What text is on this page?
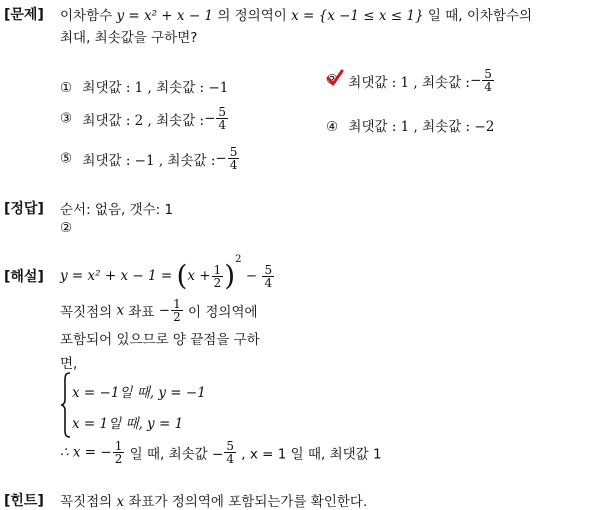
[문제] 이차함수 y = x² + x − 1 의 정의역이 x = {x −1 ≤ x ≤ 1} 일 때, 이차함수의
최대, 최솟값을 구하면?
① 최댓값 : 1 , 최솟값 : −1
② 최댓값 : 1 , 최솟값 :− $\frac{5}{4}$
③ 최댓값 : 2 , 최솟값 :− $\frac{5}{4}$	④ 최댓값 : 1 , 최솟값 : −2
⑤ 최댓값 : −1 , 최솟값 :− $\frac{5}{4}$
[정답] 순서: 없음, 갯수: 1
②
[해설] $y = x^2 + x - 1 = (x + \frac{1}{2} )^2 - \frac{5}{4}$
꼭짓점의 x 좌표 − $\frac{1}{2}$ 이 정의역에
포함되어 있으므로 양 끝점을 구하
면,
x = −1일 때, y = −1
x = 1일 때, y = 1
∴ x = − $\frac{1}{2}$ 일 때, 최솟값 − $\frac{5}{4}$ , x = 1 일 때, 최댓값 1
[힌트] 꼭짓점의 x 좌표가 정의역에 포함되는가를 확인한다.
